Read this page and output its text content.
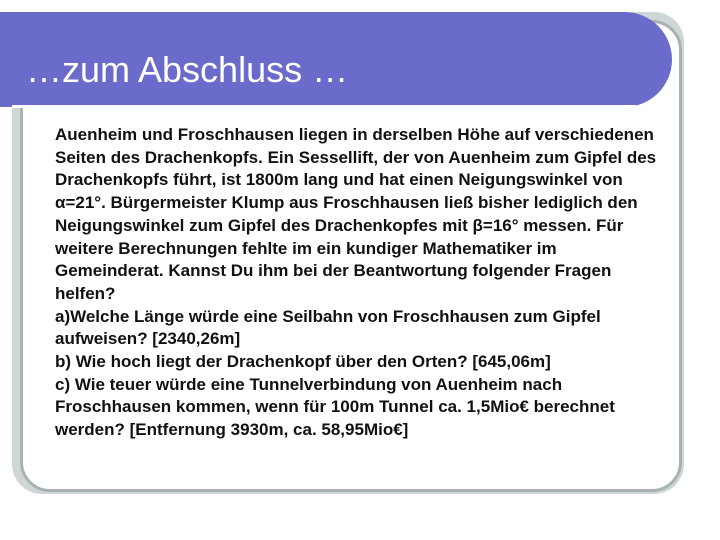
…zum Abschluss …

Auenheim und Froschhausen liegen in derselben Höhe auf verschiedenen Seiten des Drachenkopfs. Ein Sessellift, der von Auenheim zum Gipfel des Drachenkopfs führt, ist 1800m lang und hat einen Neigungswinkel von α=21°. Bürgermeister Klump aus Froschhausen ließ bisher lediglich den Neigungswinkel zum Gipfel des Drachenkopfes mit β=16° messen. Für weitere Berechnungen fehlte im ein kundiger Mathematiker im Gemeinderat. Kannst Du ihm bei der Beantwortung folgender Fragen helfen?

a)Welche Länge würde eine Seilbahn von Froschhausen zum Gipfel aufweisen? [2340,26m]

b) Wie hoch liegt der Drachenkopf über den Orten? [645,06m]

c) Wie teuer würde eine Tunnelverbindung von Auenheim nach Froschhausen kommen, wenn für 100m Tunnel ca. 1,5Mio€ berechnet werden? [Entfernung 3930m, ca. 58,95Mio€]
